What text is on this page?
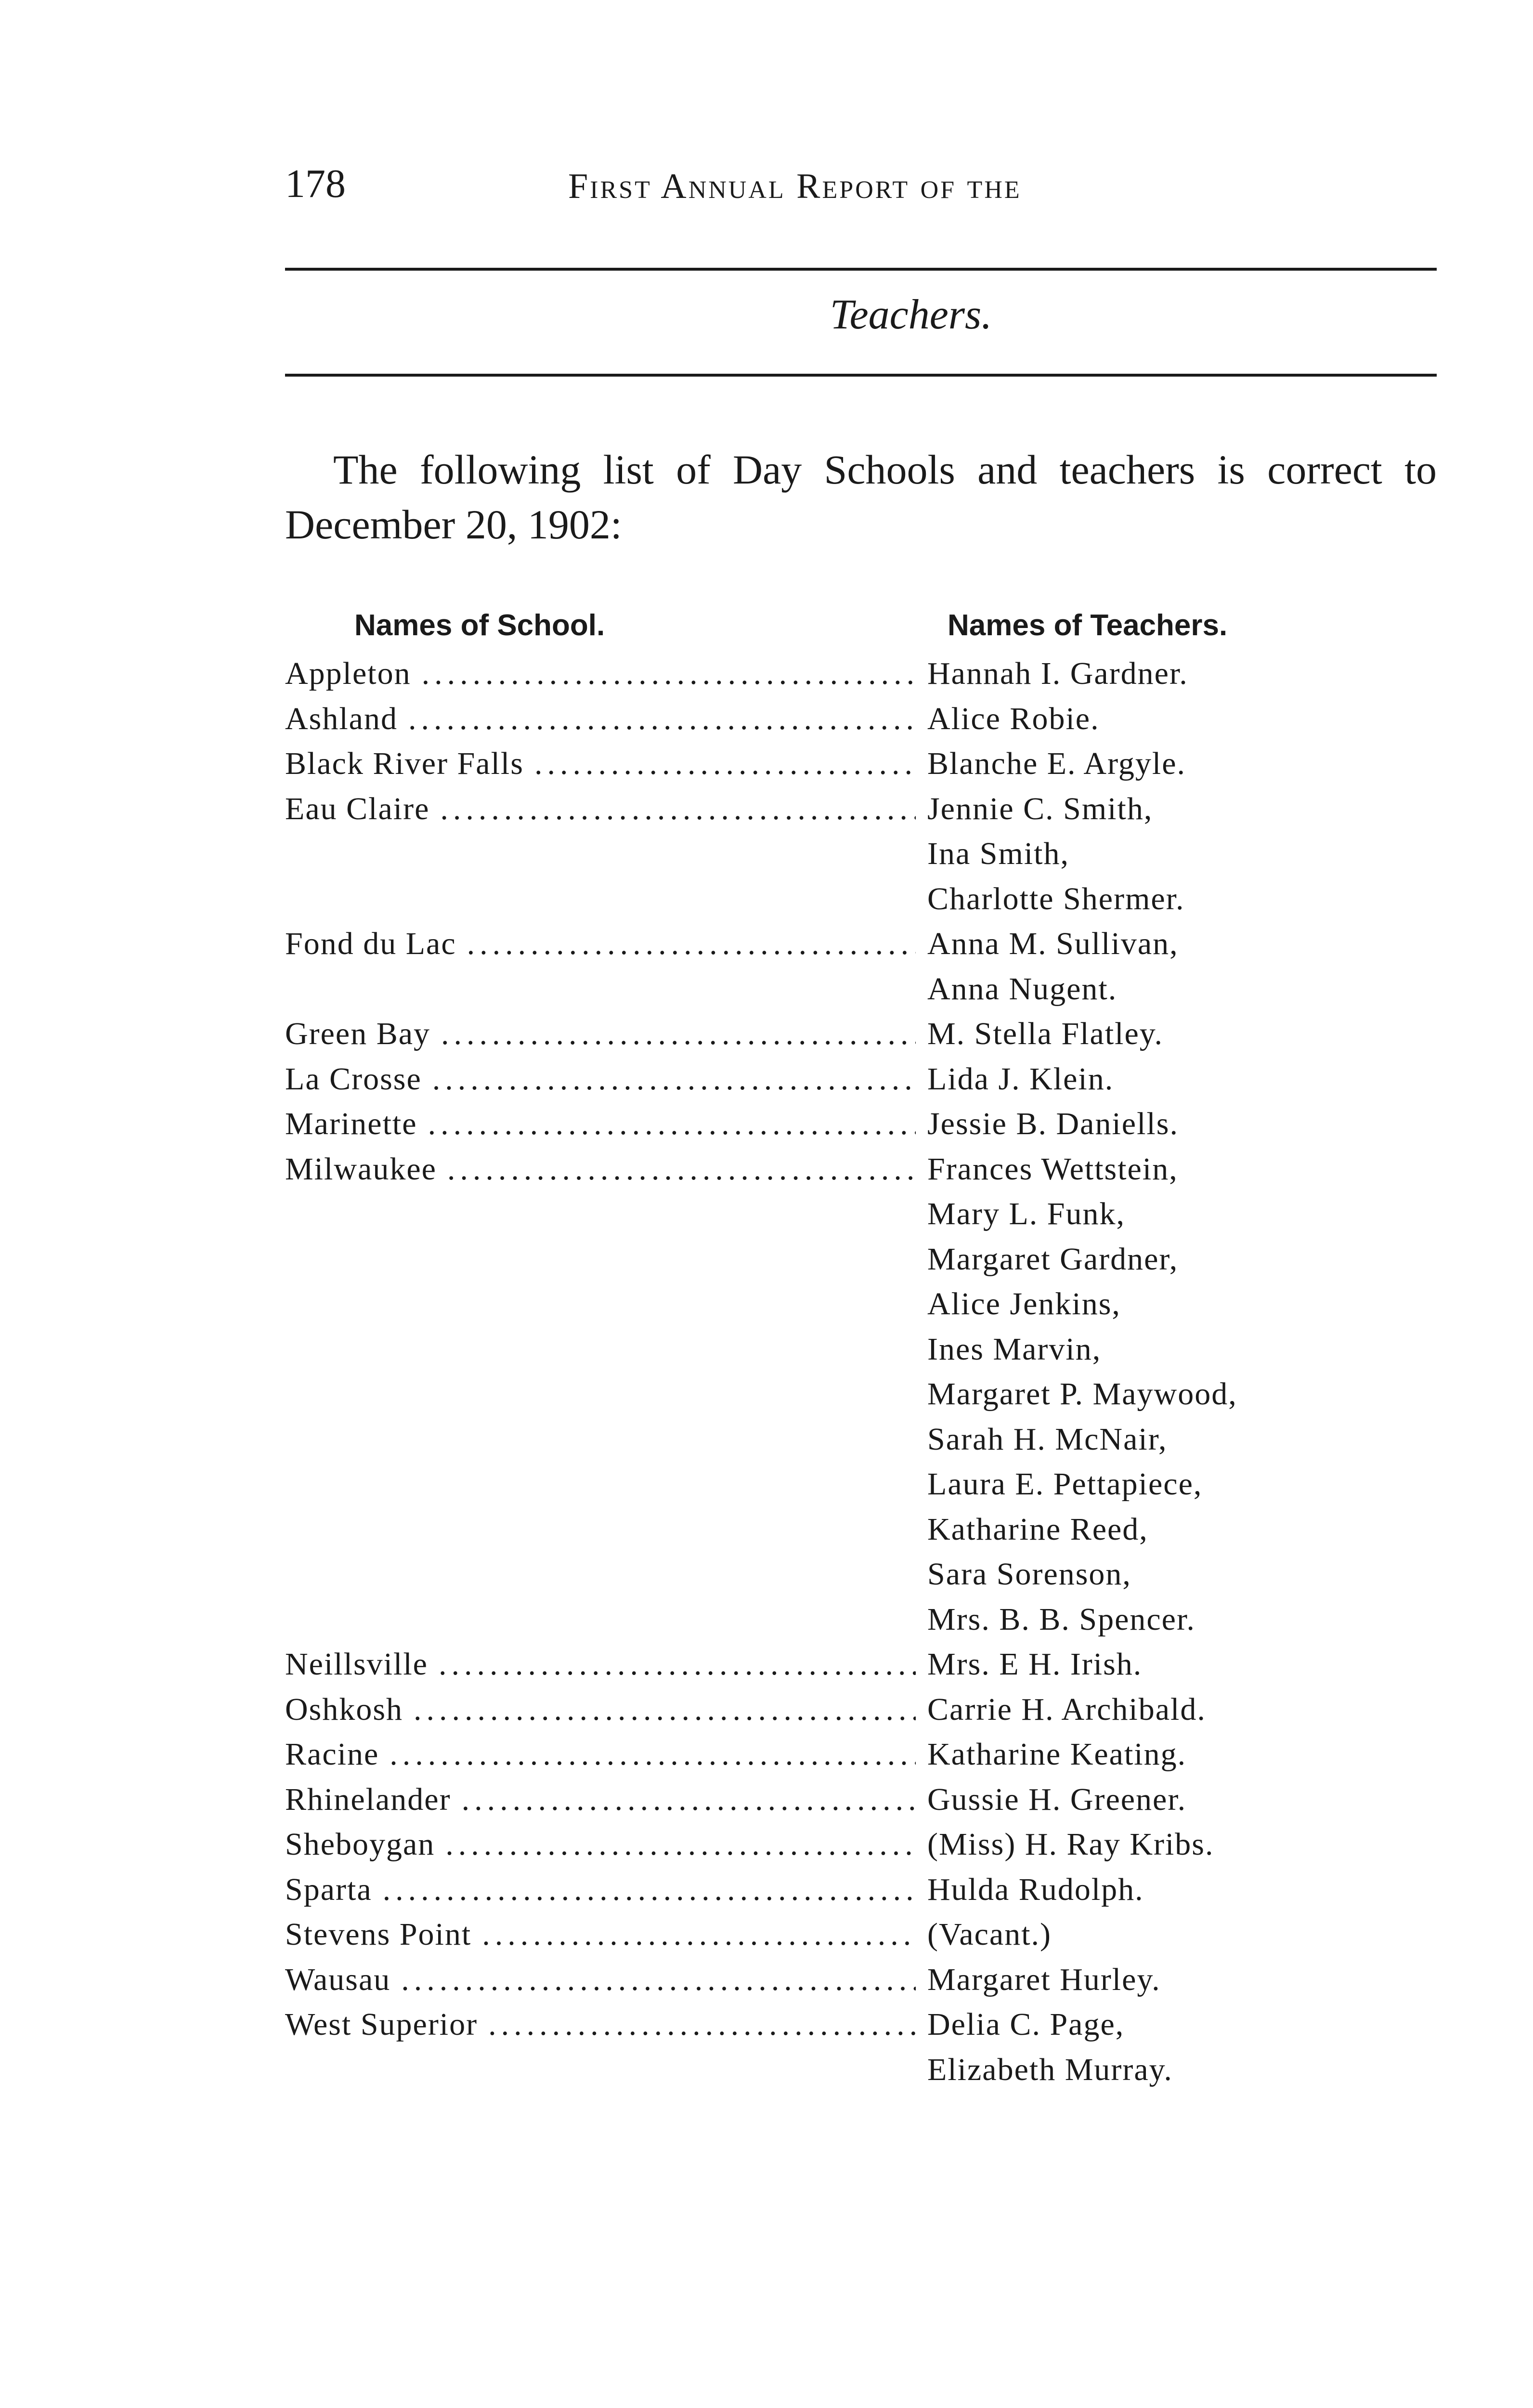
178	First Annual Report of the
Teachers.
The following list of Day Schools and teachers is correct to December 20, 1902:
Names of School.	Names of Teachers.
Appleton .....	Hannah I. Gardner.
Ashland .....	Alice Robie.
Black River Falls .....	Blanche E. Argyle.
Eau Claire .....	Jennie C. Smith,
Ina Smith,
Charlotte Shermer.
Fond du Lac .....	Anna M. Sullivan,
Anna Nugent.
Green Bay .....	M. Stella Flatley.
La Crosse .....	Lida J. Klein.
Marinette .....	Jessie B. Daniells.
Milwaukee .....	Frances Wettstein,
Mary L. Funk,
Margaret Gardner,
Alice Jenkins,
Ines Marvin,
Margaret P. Maywood,
Sarah H. McNair,
Laura E. Pettapiece,
Katharine Reed,
Sara Sorenson,
Mrs. B. B. Spencer.
Neillsville .....	Mrs. E H. Irish.
Oshkosh .....	Carrie H. Archibald.
Racine .....	Katharine Keating.
Rhinelander .....	Gussie H. Greener.
Sheboygan .....	(Miss) H. Ray Kribs.
Sparta .....	Hulda Rudolph.
Stevens Point .....	(Vacant.)
Wausau .....	Margaret Hurley.
West Superior .....	Delia C. Page,
Elizabeth Murray.
